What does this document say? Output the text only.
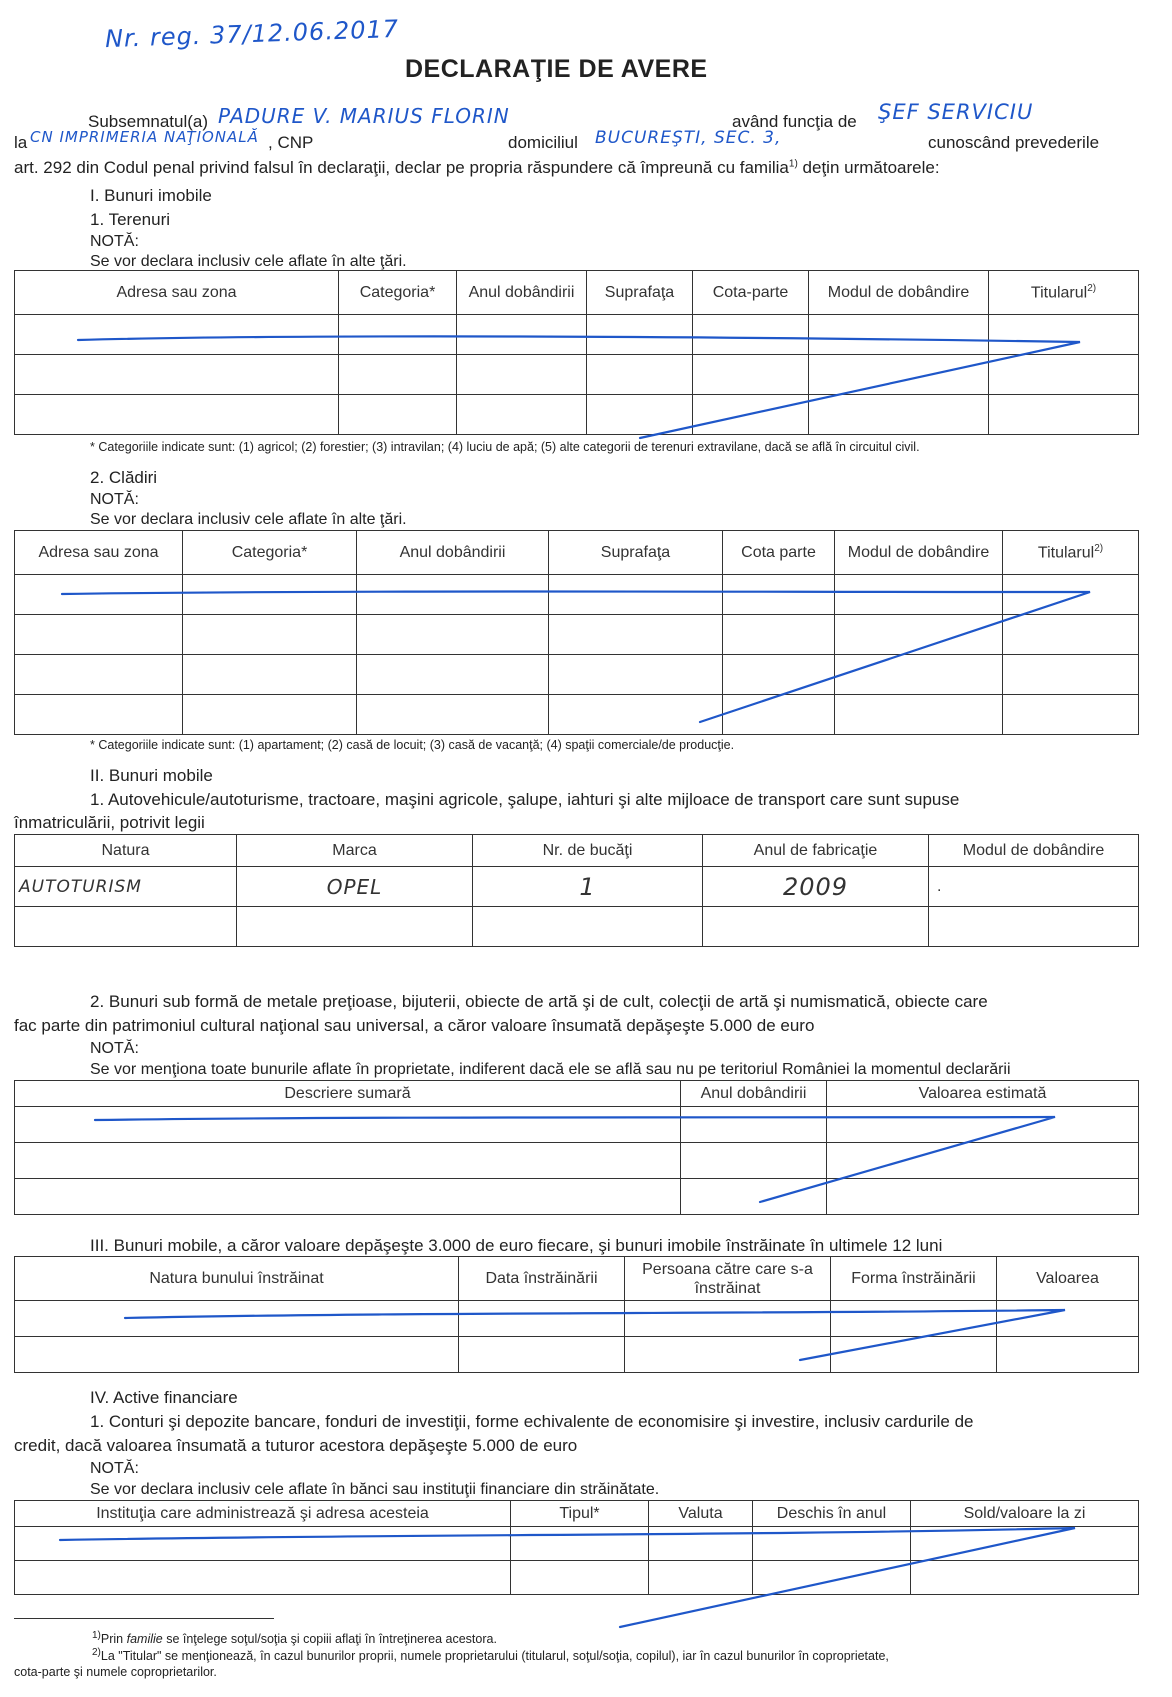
Nr. reg. 37/12.06.2017
DECLARAŢIE DE AVERE
Subsemnatul(a) PADURE V. MARIUS FLORIN	având funcţia de ŞEF SERVICIU
la CN IMPRIMERIA NAŢIONALĂ , CNP	domiciliul BUCUREŞTI, SEC. 3,	cunoscând prevederile
art. 292 din Codul penal privind falsul în declaraţii, declar pe propria răspundere că împreună cu familia$^{1)}$ deţin următoarele:
I. Bunuri imobile
1. Terenuri
NOTĂ:
Se vor declara inclusiv cele aflate în alte ţări.
Adresa sau zona	Categoria*	Anul dobândirii	Suprafaţa	Cota-parte	Modul de dobândire	Titularul$^{2)}$

* Categoriile indicate sunt: (1) agricol; (2) forestier; (3) intravilan; (4) luciu de apă; (5) alte categorii de terenuri extravilane, dacă se află în circuitul civil.
2. Clădiri
NOTĂ:
Se vor declara inclusiv cele aflate în alte ţări.
Adresa sau zona	Categoria*	Anul dobândirii	Suprafaţa	Cota parte	Modul de dobândire	Titularul$^{2)}$

* Categoriile indicate sunt: (1) apartament; (2) casă de locuit; (3) casă de vacanţă; (4) spaţii comerciale/de producţie.
II. Bunuri mobile
1. Autovehicule/autoturisme, tractoare, maşini agricole, şalupe, iahturi şi alte mijloace de transport care sunt supuse
înmatriculării, potrivit legii
Natura	Marca	Nr. de bucăţi	Anul de fabricaţie	Modul de dobândire
AUTOTURISM	OPEL	1	2009	.

2. Bunuri sub formă de metale preţioase, bijuterii, obiecte de artă şi de cult, colecţii de artă şi numismatică, obiecte care
fac parte din patrimoniul cultural naţional sau universal, a căror valoare însumată depăşeşte 5.000 de euro
NOTĂ:
Se vor menţiona toate bunurile aflate în proprietate, indiferent dacă ele se află sau nu pe teritoriul României la momentul declarării
Descriere sumară	Anul dobândirii	Valoarea estimată

III. Bunuri mobile, a căror valoare depăşeşte 3.000 de euro fiecare, şi bunuri imobile înstrăinate în ultimele 12 luni
Natura bunului înstrăinat	Data înstrăinării	Persoana către care s-a înstrăinat	Forma înstrăinării	Valoarea

IV. Active financiare
1. Conturi şi depozite bancare, fonduri de investiţii, forme echivalente de economisire şi investire, inclusiv cardurile de
credit, dacă valoarea însumată a tuturor acestora depăşeşte 5.000 de euro
NOTĂ:
Se vor declara inclusiv cele aflate în bănci sau instituţii financiare din străinătate.
Instituţia care administrează şi adresa acesteia	Tipul*	Valuta	Deschis în anul	Sold/valoare la zi

$^{1)}$Prin familie se înţelege soţul/soţia şi copiii aflaţi în întreţinerea acestora.
$^{2)}$La "Titular" se menţionează, în cazul bunurilor proprii, numele proprietarului (titularul, soţul/soţia, copilul), iar în cazul bunurilor în coproprietate,
cota-parte şi numele coproprietarilor.
